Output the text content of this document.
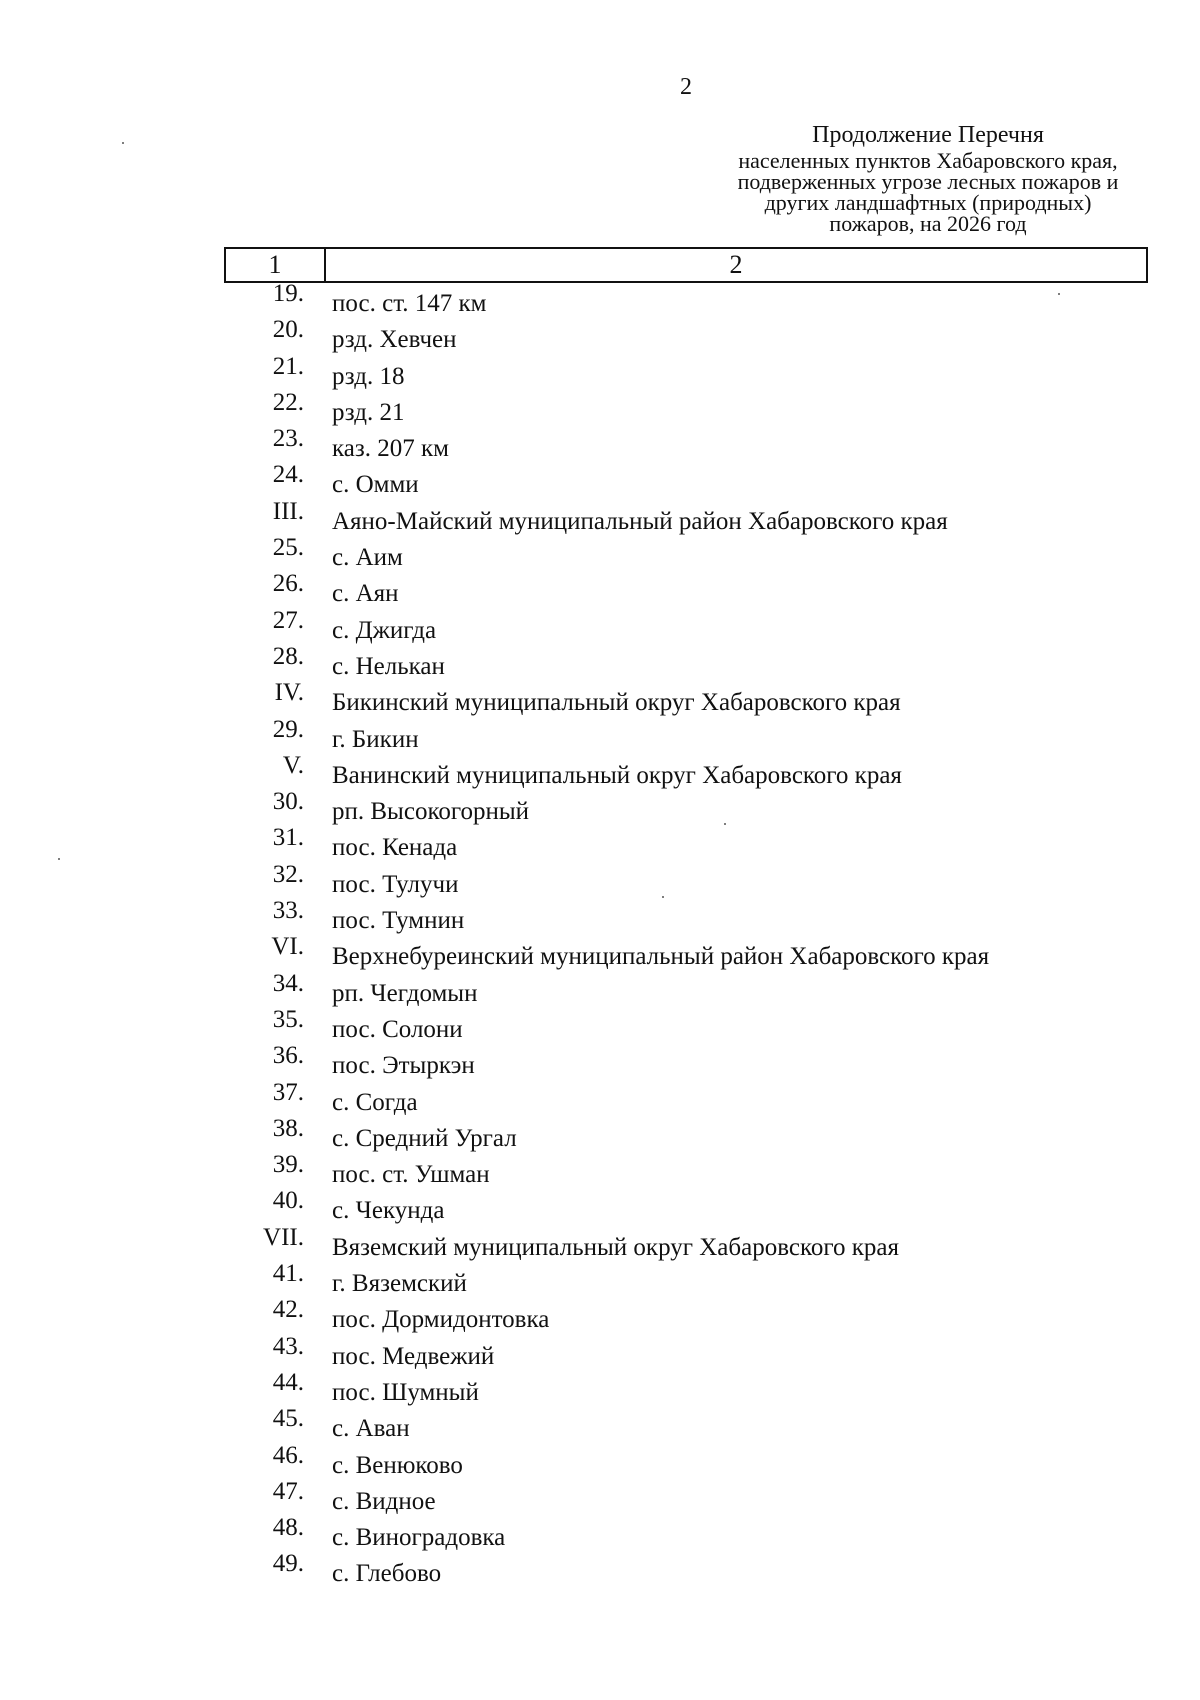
2
Продолжение Перечня
населенных пунктов Хабаровского края,
подверженных угрозе лесных пожаров и
других ландшафтных (природных)
пожаров, на 2026 год
1	2
19. пос. ст. 147 км
20. рзд. Хевчен
21. рзд. 18
22. рзд. 21
23. каз. 207 км
24. с. Омми
III. Аяно-Майский муниципальный район Хабаровского края
25. с. Аим
26. с. Аян
27. с. Джигда
28. с. Нелькан
IV. Бикинский муниципальный округ Хабаровского края
29. г. Бикин
V. Ванинский муниципальный округ Хабаровского края
30. рп. Высокогорный
31. пос. Кенада
32. пос. Тулучи
33. пос. Тумнин
VI. Верхнебуреинский муниципальный район Хабаровского края
34. рп. Чегдомын
35. пос. Солони
36. пос. Этыркэн
37. с. Согда
38. с. Средний Ургал
39. пос. ст. Ушман
40. с. Чекунда
VII. Вяземский муниципальный округ Хабаровского края
41. г. Вяземский
42. пос. Дормидонтовка
43. пос. Медвежий
44. пос. Шумный
45. с. Аван
46. с. Венюково
47. с. Видное
48. с. Виноградовка
49. с. Глебово
